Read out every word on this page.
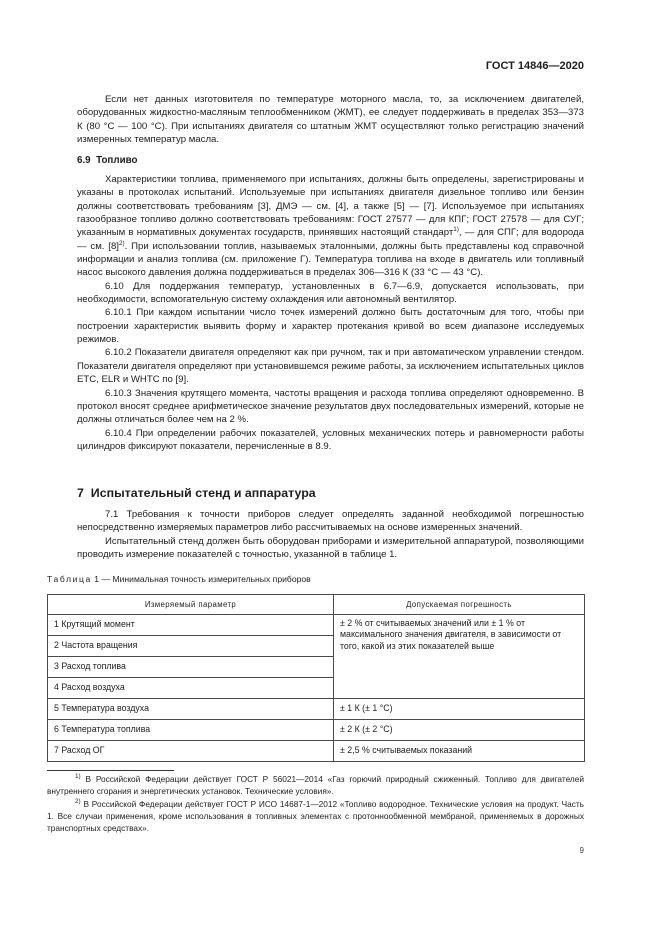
ГОСТ 14846—2020

Если нет данных изготовителя по температуре моторного масла, то, за исключением двигателей, оборудованных жидкостно-масляным теплообменником (ЖМТ), ее следует поддерживать в пределах 353—373 К (80 °С — 100 °С). При испытаниях двигателя со штатным ЖМТ осуществляют только регистрацию значений измеренных температур масла.

6.9 Топливо

Характеристики топлива, применяемого при испытаниях, должны быть определены, зарегистрированы и указаны в протоколах испытаний. Используемые при испытаниях двигателя дизельное топливо или бензин должны соответствовать требованиям [3], ДМЭ — см. [4], а также [5] — [7]. Используемое при испытаниях газообразное топливо должно соответствовать требованиям: ГОСТ 27577 — для КПГ; ГОСТ 27578 — для СУГ; указанным в нормативных документах государств, принявших настоящий стандарт$^{1)}$, — для СПГ; для водорода — см. $[8]^{2)}$. При использовании топлив, называемых эталонными, должны быть представлены код справочной информации и анализ топлива (см. приложение Г). Температура топлива на входе в двигатель или топливный насос высокого давления должна поддерживаться в пределах 306—316 К (33 °С — 43 °С).

6.10 Для поддержания температур, установленных в 6.7—6.9, допускается использовать, при необходимости, вспомогательную систему охлаждения или автономный вентилятор.

6.10.1 При каждом испытании число точек измерений должно быть достаточным для того, чтобы при построении характеристик выявить форму и характер протекания кривой во всем диапазоне исследуемых режимов.

6.10.2 Показатели двигателя определяют как при ручном, так и при автоматическом управлении стендом. Показатели двигателя определяют при установившемся режиме работы, за исключением испытательных циклов ETC, ELR и WHTC по [9].

6.10.3 Значения крутящего момента, частоты вращения и расхода топлива определяют одновременно. В протокол вносят среднее арифметическое значение результатов двух последовательных измерений, которые не должны отличаться более чем на 2 %.

6.10.4 При определении рабочих показателей, условных механических потерь и равномерности работы цилиндров фиксируют показатели, перечисленные в 8.9.

7 Испытательный стенд и аппаратура

7.1 Требования к точности приборов следует определять заданной необходимой погрешностью непосредственно измеряемых параметров либо рассчитываемых на основе измеренных значений.

Испытательный стенд должен быть оборудован приборами и измерительной аппаратурой, позволяющими проводить измерение показателей с точностью, указанной в таблице 1.

Таблица 1 — Минимальная точность измерительных приборов
Измеряемый параметр	Допускаемая погрешность
1 Крутящий момент	± 2 % от считываемых значений или ± 1 % от максимального значения двигателя, в зависимости от того, какой из этих показателей выше
2 Частота вращения	
3 Расход топлива	
4 Расход воздуха	
5 Температура воздуха	± 1 К (± 1 °С)
6 Температура топлива	± 2 К (± 2 °С)
7 Расход ОГ	± 2,5 % считываемых показаний

$^{1)}$ В Российской Федерации действует ГОСТ Р 56021—2014 «Газ горючий природный сжиженный. Топливо для двигателей внутреннего сгорания и энергетических установок. Технические условия».

$^{2)}$ В Российской Федерации действует ГОСТ Р ИСО 14687-1—2012 «Топливо водородное. Технические условия на продукт. Часть 1. Все случаи применения, кроме использования в топливных элементах с протоннообменной мембраной, применяемых в дорожных транспортных средствах».

9
